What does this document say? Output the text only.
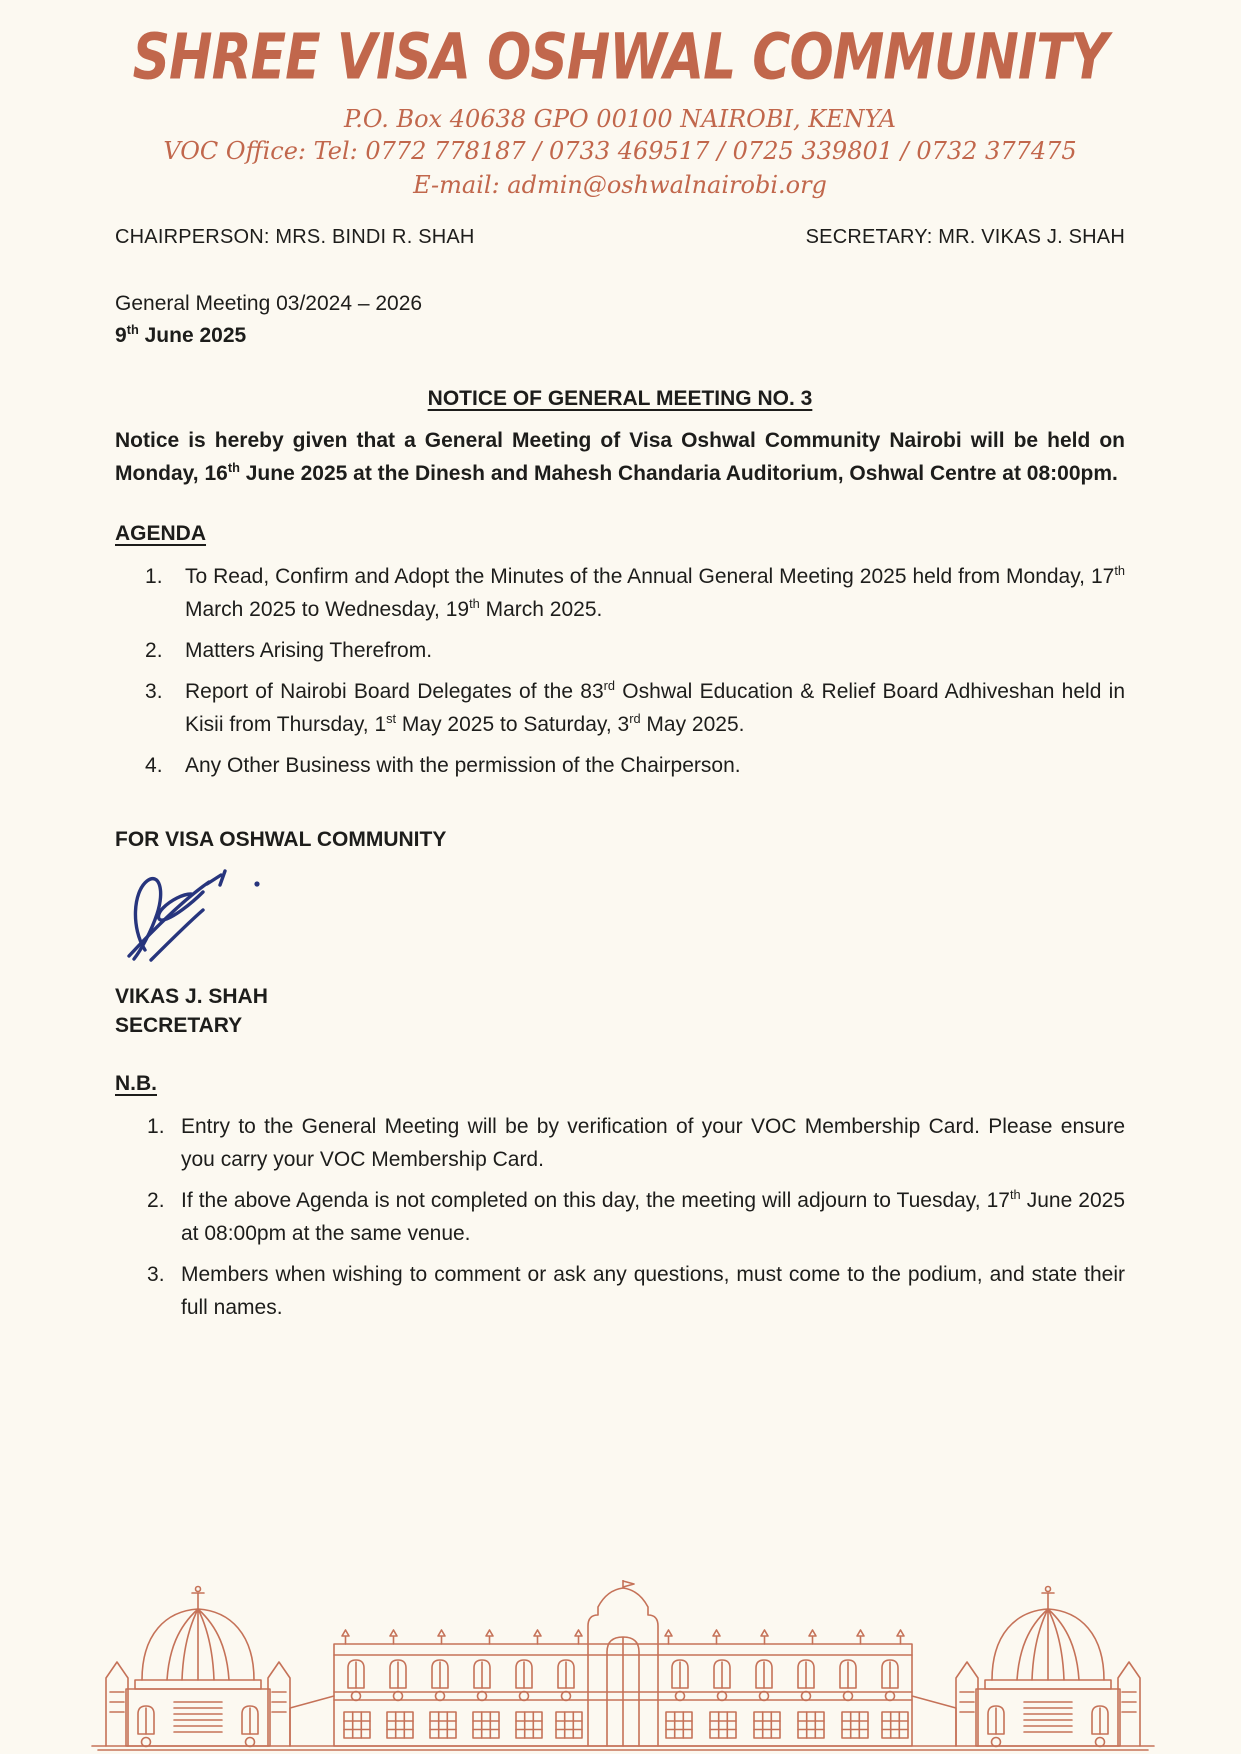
SHREE VISA OSHWAL COMMUNITY
P.O. Box 40638 GPO 00100 NAIROBI, KENYA
VOC Office: Tel: 0772 778187 / 0733 469517 / 0725 339801 / 0732 377475
E-mail: admin@oshwalnairobi.org
CHAIRPERSON: MRS. BINDI R. SHAH	SECRETARY: MR. VIKAS J. SHAH
General Meeting 03/2024 – 2026
9th June 2025
NOTICE OF GENERAL MEETING NO. 3

Notice is hereby given that a General Meeting of Visa Oshwal Community Nairobi will be held on Monday, 16th June 2025 at the Dinesh and Mahesh Chandaria Auditorium, Oshwal Centre at 08:00pm.

AGENDA
To Read, Confirm and Adopt the Minutes of the Annual General Meeting 2025 held from Monday, 17th March 2025 to Wednesday, 19th March 2025.
Matters Arising Therefrom.
Report of Nairobi Board Delegates of the 83rd Oshwal Education & Relief Board Adhiveshan held in Kisii from Thursday, 1st May 2025 to Saturday, 3rd May 2025.
Any Other Business with the permission of the Chairperson.
FOR VISA OSHWAL COMMUNITY
VIKAS J. SHAH
SECRETARY
N.B.
Entry to the General Meeting will be by verification of your VOC Membership Card. Please ensure you carry your VOC Membership Card.
If the above Agenda is not completed on this day, the meeting will adjourn to Tuesday, 17th June 2025 at 08:00pm at the same venue.
Members when wishing to comment or ask any questions, must come to the podium, and state their full names.
